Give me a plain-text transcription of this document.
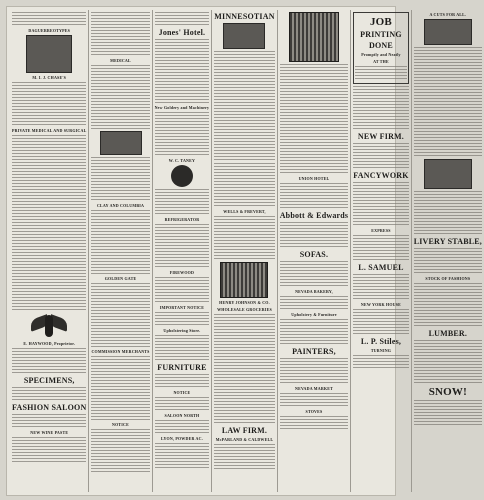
DAGUERREOTYPES
M. I. J. CHASE'S
PRIVATE MEDICAL AND SURGICAL
E. HAYWOOD, Proprietor.
SPECIMENS,
FASHION SALOON
NEW WINE PASTE
MEDICAL
CLAY AND COLUMBIA
GOLDEN GATE
COMMISSION MERCHANTS
NOTICE
Jones' Hotel.
New Goldery and Machinery
W. C. TANEY
REFRIGERATOR
FIREWOOD
IMPORTANT NOTICE
Upholstering Store.
FURNITURE
NOTICE
SALOON NORTH
LYON, POWDER AC.
MINNESOTIAN
WELLS & FREVERT,
HENRY JOHNSON & CO.
WHOLESALE GROCERIES
LAW FIRM.
McPARLAND & CALDWELL
UNION HOTEL
Abbott & Edwards
SOFAS.
NEVADA BAKERY,
Upholstery & Furniture
PAINTERS,
NEVADA MARKET
STOVES
JOB
PRINTING
DONE
Promptly and Neatly
AT THE
NEW FIRM.
FANCYWORK
EXPRESS
L. SAMUEL
NEW YORK HOUSE
L. P. Stiles,
TURNING
A CUTS FOR ALL.
LIVERY STABLE,
STOCK OF FASHIONS
LUMBER.
SNOW!
